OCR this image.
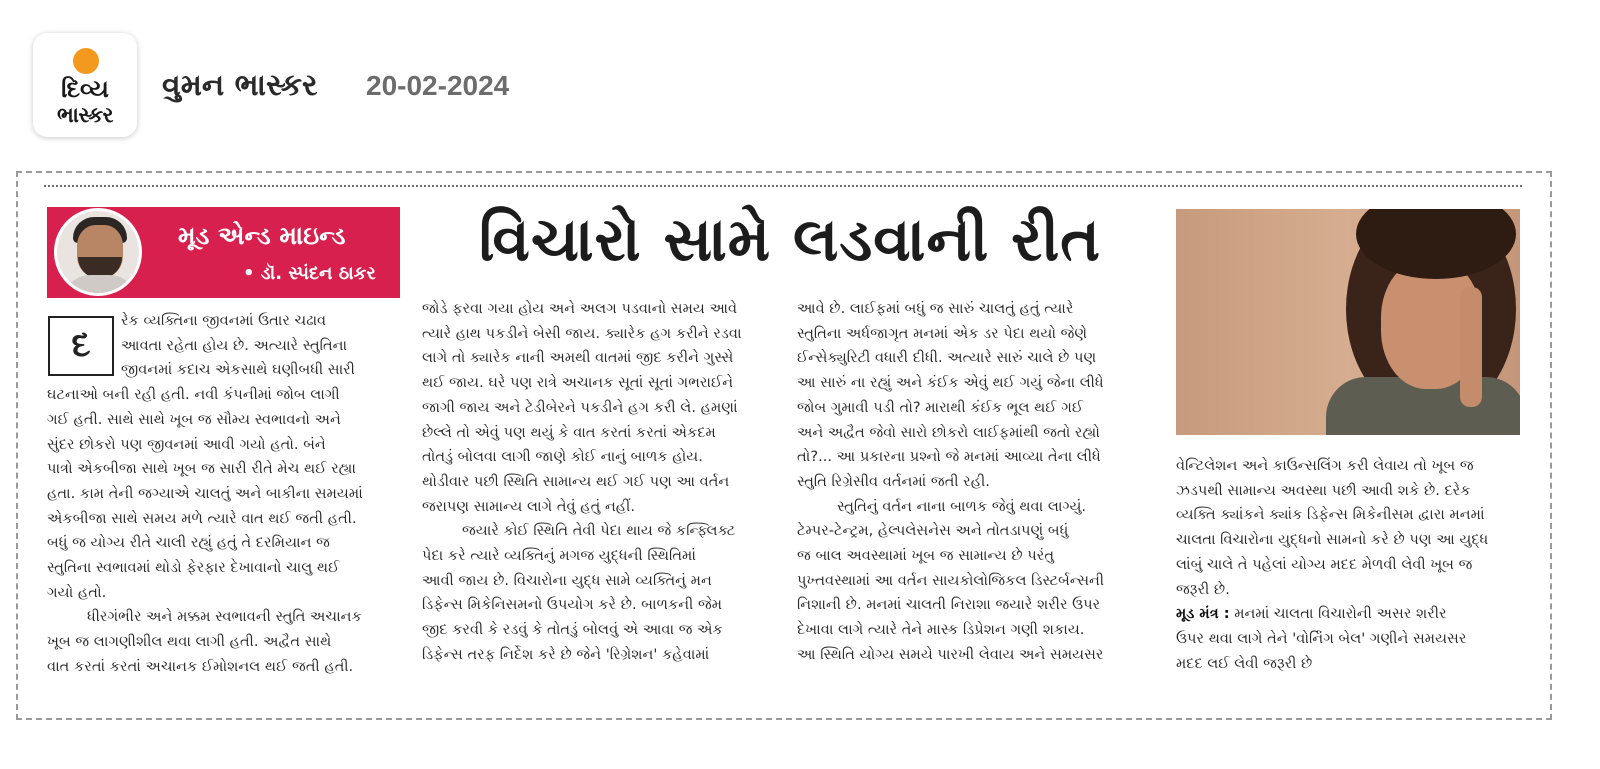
દિવ્ય
ભાસ્કર
વુમન ભાસ્કર 20-02-2024
મૂડ એન્ડ માઇન્ડ
• ડૉ. સ્પંદન ઠાકર	વિચારો સામે લડવાની રીત
દ

રેક વ્યક્તિના જીવનમાં ઉતાર ચઢાવ

આવતા રહેતા હોય છે. અત્યારે સ્તુતિના

જીવનમાં કદાચ એકસાથે ઘણીબધી સારી

ઘટનાઓ બની રહી હતી. નવી કંપનીમાં જોબ લાગી

ગઈ હતી. સાથે સાથે ખૂબ જ સૌમ્ય સ્વભાવનો અને

સુંદર છોકરો પણ જીવનમાં આવી ગયો હતો. બંને

પાત્રો એકબીજા સાથે ખૂબ જ સારી રીતે મેચ થઈ રહ્યા

હતા. કામ તેની જગ્યાએ ચાલતું અને બાકીના સમયમાં

એકબીજા સાથે સમય મળે ત્યારે વાત થઈ જતી હતી.

બધું જ યોગ્ય રીતે ચાલી રહ્યું હતું તે દરમિયાન જ

સ્તુતિના સ્વભાવમાં થોડો ફેરફાર દેખાવાનો ચાલુ થઈ

ગયો હતો.

ધીરગંભીર અને મક્કમ સ્વભાવની સ્તુતિ અચાનક

ખૂબ જ લાગણીશીલ થવા લાગી હતી. અદ્વૈત સાથે

વાત કરતાં કરતાં અચાનક ઈમોશનલ થઈ જતી હતી.

જોડે ફરવા ગયા હોય અને અલગ પડવાનો સમય આવે

ત્યારે હાથ પકડીને બેસી જાય. ક્યારેક હગ કરીને રડવા

લાગે તો ક્યારેક નાની અમથી વાતમાં જીદ કરીને ગુસ્સે

થઈ જાય. ઘરે પણ રાત્રે અચાનક સૂતાં સૂતાં ગભરાઈને

જાગી જાય અને ટેડીબેરને પકડીને હગ કરી લે. હમણાં

છેલ્લે તો એવું પણ થયું કે વાત કરતાં કરતાં એકદમ

તોતડું બોલવા લાગી જાણે કોઈ નાનું બાળક હોય.

થોડીવાર પછી સ્થિતિ સામાન્ય થઈ ગઈ પણ આ વર્તન

જરાપણ સામાન્ય લાગે તેવું હતું નહીં.

જયારે કોઈ સ્થિતિ તેવી પેદા થાય જે કન્ફ્લિક્ટ

પેદા કરે ત્યારે વ્યક્તિનું મગજ યુદ્ધની સ્થિતિમાં

આવી જાય છે. વિચારોના યુદ્ધ સામે વ્યક્તિનું મન

ડિફેન્સ મિકેનિસમનો ઉપયોગ કરે છે. બાળકની જેમ

જીદ કરવી કે રડવું કે તોતડું બોલવું એ આવા જ એક

ડિફેન્સ તરફ નિર્દેશ કરે છે જેને 'રિગ્રેશન' કહેવામાં

આવે છે. લાઈફમાં બધું જ સારું ચાલતું હતું ત્યારે

સ્તુતિના અર્ધજાગૃત મનમાં એક ડર પેદા થયો જેણે

ઈન્સેક્યુરિટી વધારી દીધી. અત્યારે સારું ચાલે છે પણ

આ સારું ના રહ્યું અને કંઈક એવું થઈ ગયું જેના લીધે

જોબ ગુમાવી પડી તો? મારાથી કંઈક ભૂલ થઈ ગઈ

અને અદ્વૈત જેવો સારો છોકરો લાઈફમાંથી જતો રહ્યો

તો?... આ પ્રકારના પ્રશ્નો જે મનમાં આવ્યા તેના લીધે

સ્તુતિ રિગ્રેસીવ વર્તનમાં જતી રહી.

સ્તુતિનું વર્તન નાના બાળક જેવું થવા લાગ્યું.

ટેમ્પર-ટેન્ટ્રમ, હેલ્પલેસનેસ અને તોતડાપણું બધું

જ બાલ અવસ્થામાં ખૂબ જ સામાન્ય છે પરંતુ

પુખ્તવસ્થામાં આ વર્તન સાયકોલોજિકલ ડિસ્ટર્બન્સની

નિશાની છે. મનમાં ચાલતી નિરાશા જયારે શરીર ઉપર

દેખાવા લાગે ત્યારે તેને માસ્ક ડિપ્રેશન ગણી શકાય.

આ સ્થિતિ યોગ્ય સમયે પારખી લેવાય અને સમયસર

વેન્ટિલેશન અને કાઉન્સલિંગ કરી લેવાય તો ખૂબ જ

ઝડપથી સામાન્ય અવસ્થા પછી આવી શકે છે. દરેક

વ્યક્તિ ક્યાંકને ક્યાંક ડિફેન્સ મિકેનીસમ દ્વારા મનમાં

ચાલતા વિચારોના યુદ્ધનો સામનો કરે છે પણ આ યુદ્ધ

લાંબું ચાલે તે પહેલાં યોગ્ય મદદ મેળવી લેવી ખૂબ જ

જરૂરી છે.

મૂડ મંત્ર : મનમાં ચાલતા વિચારોની અસર શરીર

ઉપર થવા લાગે તેને 'વોર્નિંગ બેલ' ગણીને સમયસર

મદદ લઈ લેવી જરૂરી છે
